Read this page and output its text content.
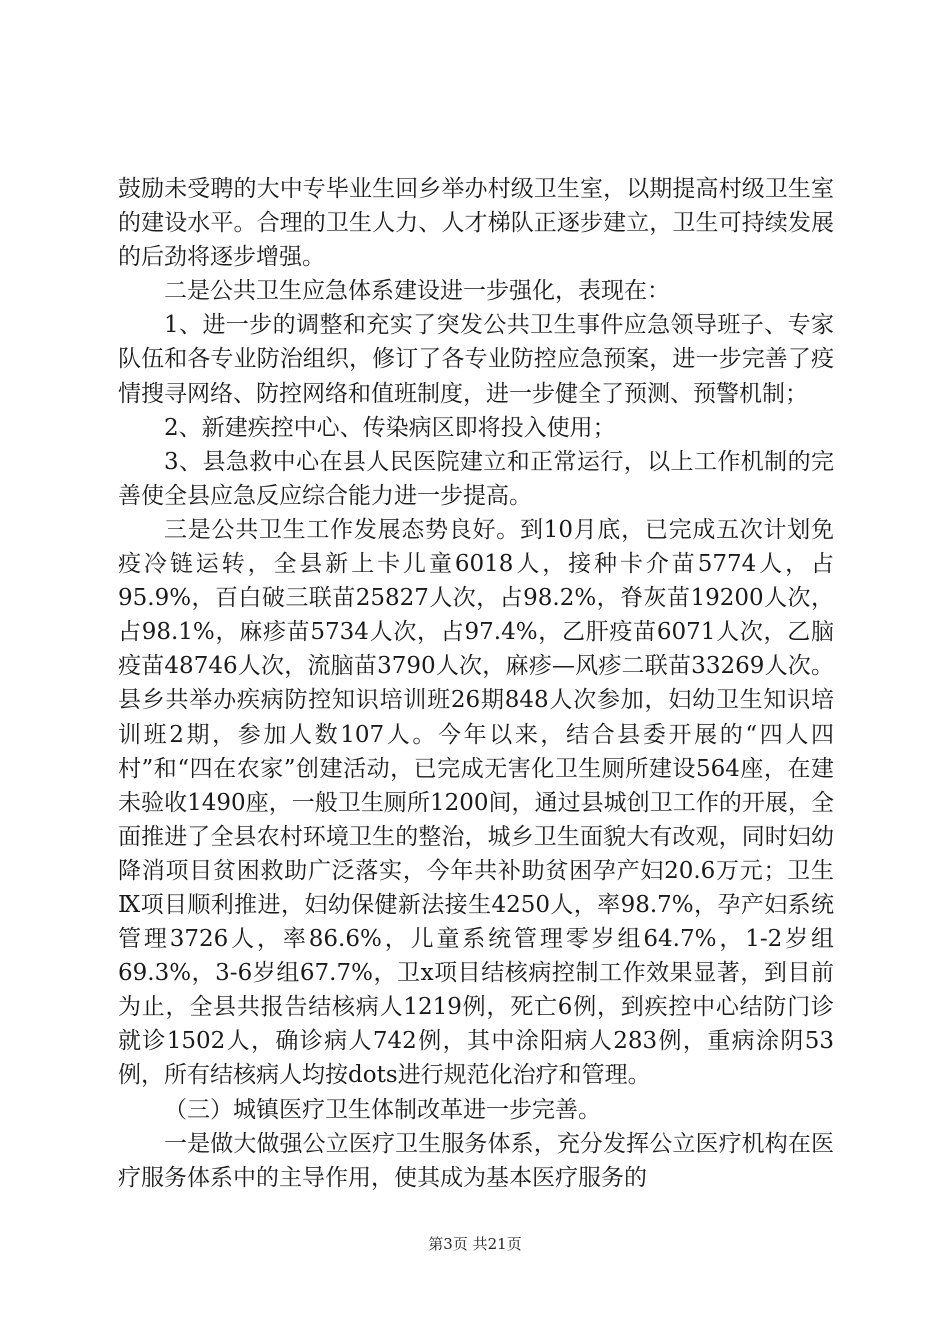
鼓励未受聘的大中专毕业生回乡举办村级卫生室，以期提高村级卫生室的建设水平。合理的卫生人力、人才梯队正逐步建立，卫生可持续发展的后劲将逐步增强。

二是公共卫生应急体系建设进一步强化，表现在：

1、进一步的调整和充实了突发公共卫生事件应急领导班子、专家队伍和各专业防治组织，修订了各专业防控应急预案，进一步完善了疫情搜寻网络、防控网络和值班制度，进一步健全了预测、预警机制；

2、新建疾控中心、传染病区即将投入使用；

3、县急救中心在县人民医院建立和正常运行，以上工作机制的完善使全县应急反应综合能力进一步提高。

三是公共卫生工作发展态势良好。到10月底，已完成五次计划免疫冷链运转，全县新上卡儿童6018人，接种卡介苗5774人，占95.9%，百白破三联苗25827人次，占98.2%，脊灰苗19200人次，占98.1%，麻疹苗5734人次，占97.4%，乙肝疫苗6071人次，乙脑疫苗48746人次，流脑苗3790人次，麻疹—风疹二联苗33269人次。县乡共举办疾病防控知识培训班26期848人次参加，妇幼卫生知识培训班2期，参加人数107人。今年以来，结合县委开展的“四人四村”和“四在农家”创建活动，已完成无害化卫生厕所建设564座，在建未验收1490座，一般卫生厕所1200间，通过县城创卫工作的开展，全面推进了全县农村环境卫生的整治，城乡卫生面貌大有改观，同时妇幼降消项目贫困救助广泛落实，今年共补助贫困孕产妇20.6万元；卫生Ⅸ项目顺利推进，妇幼保健新法接生4250人，率98.7%，孕产妇系统管理3726人，率86.6%，儿童系统管理零岁组64.7%，1-2岁组69.3%，3-6岁组67.7%，卫x项目结核病控制工作效果显著，到目前为止，全县共报告结核病人1219例，死亡6例，到疾控中心结防门诊就诊1502人，确诊病人742例，其中涂阳病人283例，重病涂阴53例，所有结核病人均按dots进行规范化治疗和管理。

（三）城镇医疗卫生体制改革进一步完善。

一是做大做强公立医疗卫生服务体系，充分发挥公立医疗机构在医疗服务体系中的主导作用，使其成为基本医疗服务的

第3页 共21页
